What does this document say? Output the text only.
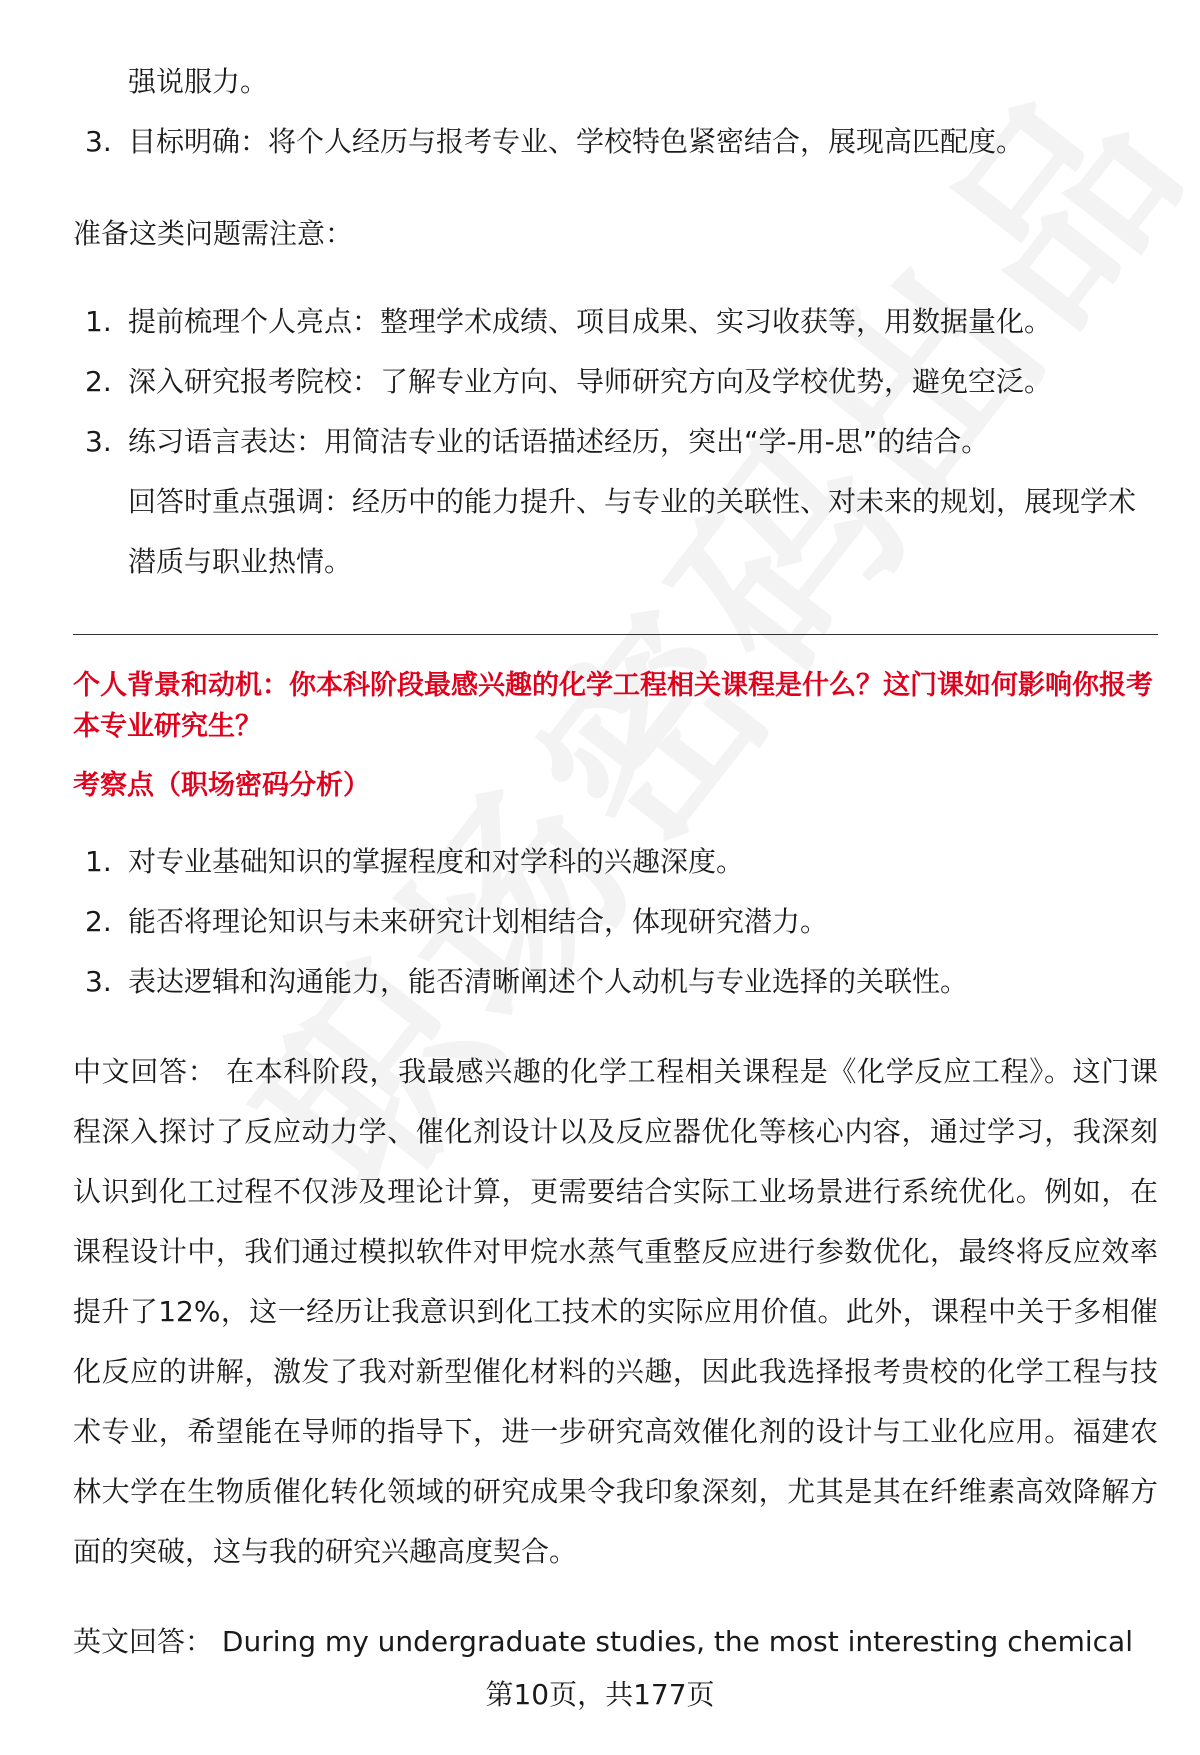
强说服力。
3. 目标明确：将个人经历与报考专业、学校特色紧密结合，展现高匹配度。
准备这类问题需注意：
1. 提前梳理个人亮点：整理学术成绩、项目成果、实习收获等，用数据量化。
2. 深入研究报考院校：了解专业方向、导师研究方向及学校优势，避免空泛。
3. 练习语言表达：用简洁专业的话语描述经历，突出“学-用-思”的结合。

回答时重点强调：经历中的能力提升、与专业的关联性、对未来的规划，展现学术潜质与职业热情。

个人背景和动机：你本科阶段最感兴趣的化学工程相关课程是什么？这门课如何影响你报考本专业研究生？

考察点（职场密码分析）

1. 对专业基础知识的掌握程度和对学科的兴趣深度。
2. 能否将理论知识与未来研究计划相结合，体现研究潜力。
3. 表达逻辑和沟通能力，能否清晰阐述个人动机与专业选择的关联性。

中文回答： 在本科阶段，我最感兴趣的化学工程相关课程是《化学反应工程》。这门课程深入探讨了反应动力学、催化剂设计以及反应器优化等核心内容，通过学习，我深刻认识到化工过程不仅涉及理论计算，更需要结合实际工业场景进行系统优化。例如，在课程设计中，我们通过模拟软件对甲烷水蒸气重整反应进行参数优化，最终将反应效率提升了12%，这一经历让我意识到化工技术的实际应用价值。此外，课程中关于多相催化反应的讲解，激发了我对新型催化材料的兴趣，因此我选择报考贵校的化学工程与技术专业，希望能在导师的指导下，进一步研究高效催化剂的设计与工业化应用。福建农林大学在生物质催化转化领域的研究成果令我印象深刻，尤其是其在纤维素高效降解方面的突破，这与我的研究兴趣高度契合。

英文回答： During my undergraduate studies, the most interesting chemical
第10页，共177页
